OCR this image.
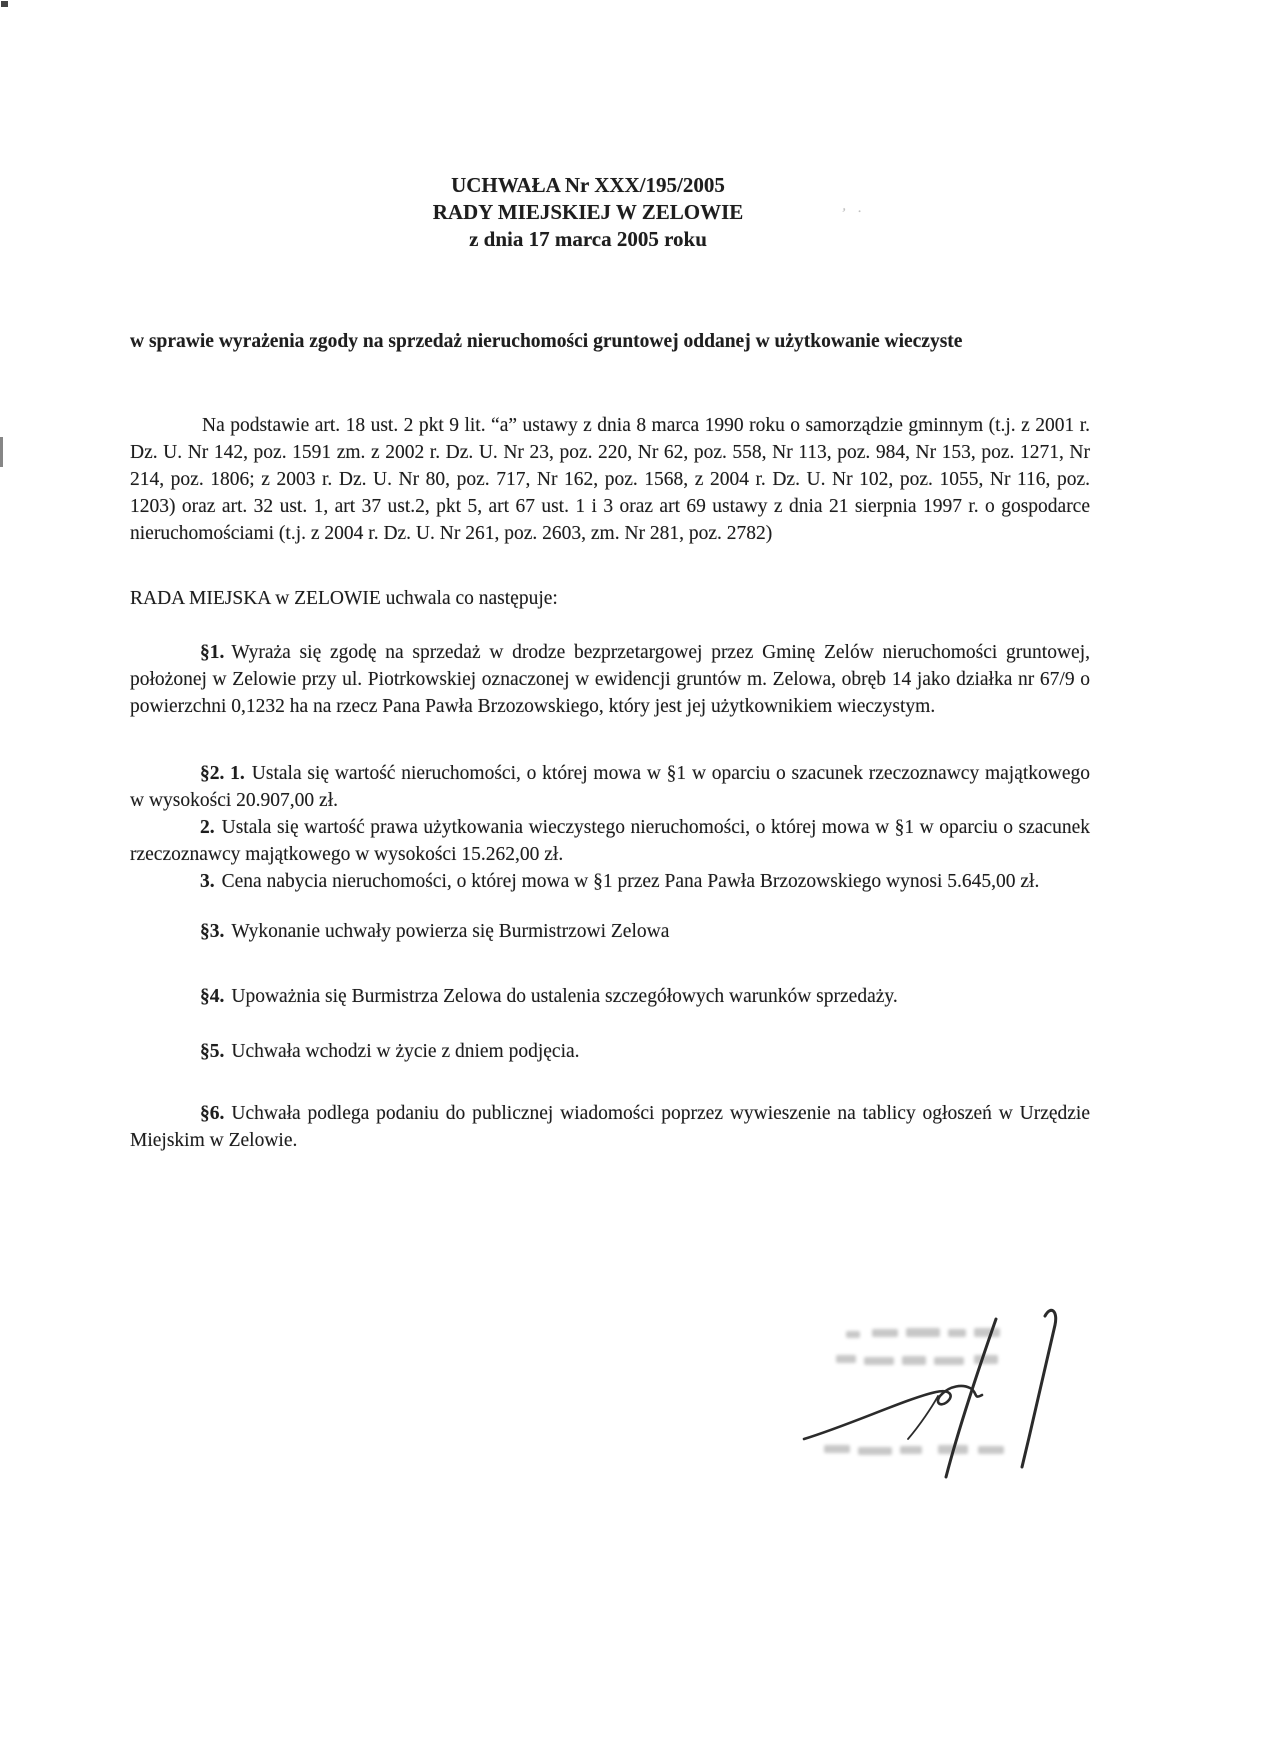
UCHWAŁA Nr XXX/195/2005
RADY MIEJSKIEJ W ZELOWIE
z dnia 17 marca 2005 roku
‚ .

w sprawie wyrażenia zgody na sprzedaż nieruchomości gruntowej oddanej w użytkowanie wieczyste

Na podstawie art. 18 ust. 2 pkt 9 lit. “a” ustawy z dnia 8 marca 1990 roku o samorządzie gminnym (t.j. z 2001 r. Dz. U. Nr 142, poz. 1591 zm. z 2002 r. Dz. U. Nr 23, poz. 220, Nr 62, poz. 558, Nr 113, poz. 984, Nr 153, poz. 1271, Nr 214, poz. 1806; z 2003 r. Dz. U. Nr 80, poz. 717, Nr 162, poz. 1568, z 2004 r. Dz. U. Nr 102, poz. 1055, Nr 116, poz. 1203) oraz art. 32 ust. 1, art 37 ust.2, pkt 5, art 67 ust. 1 i 3 oraz art 69 ustawy z dnia 21 sierpnia 1997 r. o gospodarce nieruchomościami (t.j. z 2004 r. Dz. U. Nr 261, poz. 2603, zm. Nr 281, poz. 2782)

RADA MIEJSKA w ZELOWIE uchwala co następuje:

§1. Wyraża się zgodę na sprzedaż w drodze bezprzetargowej przez Gminę Zelów nieruchomości gruntowej, położonej w Zelowie przy ul. Piotrkowskiej oznaczonej w ewidencji gruntów m. Zelowa, obręb 14 jako działka nr 67/9 o powierzchni 0,1232 ha na rzecz Pana Pawła Brzozowskiego, który jest jej użytkownikiem wieczystym.

§2. 1. Ustala się wartość nieruchomości, o której mowa w §1 w oparciu o szacunek rzeczoznawcy majątkowego w wysokości 20.907,00 zł.

2. Ustala się wartość prawa użytkowania wieczystego nieruchomości, o której mowa w §1 w oparciu o szacunek rzeczoznawcy majątkowego w wysokości 15.262,00 zł.

3. Cena nabycia nieruchomości, o której mowa w §1 przez Pana Pawła Brzozowskiego wynosi 5.645,00 zł.

§3. Wykonanie uchwały powierza się Burmistrzowi Zelowa

§4. Upoważnia się Burmistrza Zelowa do ustalenia szczegółowych warunków sprzedaży.

§5. Uchwała wchodzi w życie z dniem podjęcia.

§6. Uchwała podlega podaniu do publicznej wiadomości poprzez wywieszenie na tablicy ogłoszeń w Urzędzie Miejskim w Zelowie.
